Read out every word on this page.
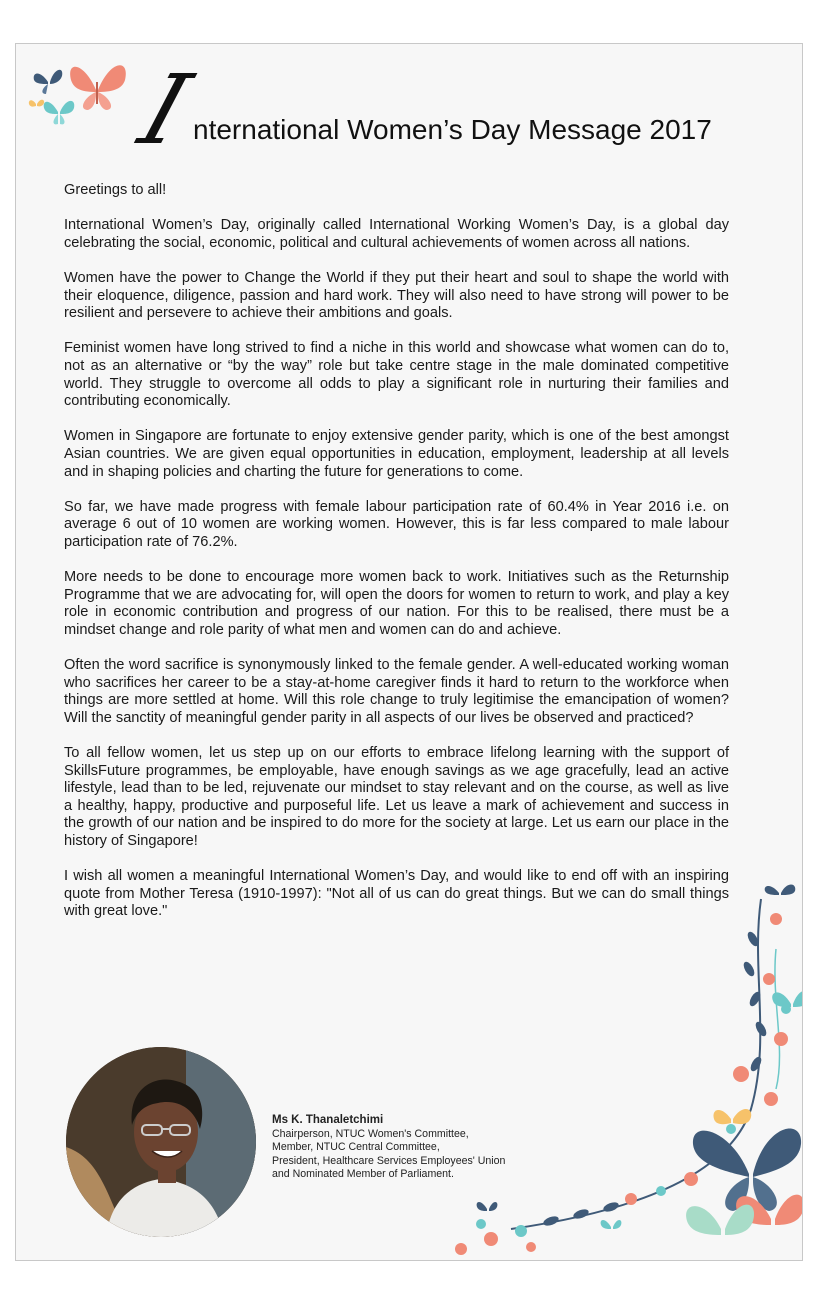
I
nternational Women’s Day Message 2017

Greetings to all!

International Women’s Day, originally called International Working Women’s Day, is a global day celebrating the social, economic, political and cultural achievements of women across all nations.

Women have the power to Change the World if they put their heart and soul to shape the world with their eloquence, diligence, passion and hard work. They will also need to have strong will power to be resilient and persevere to achieve their ambitions and goals.

Feminist women have long strived to find a niche in this world and showcase what women can do to, not as an alternative or “by the way” role but take centre stage in the male dominated competitive world. They struggle to overcome all odds to play a significant role in nurturing their families and contributing economically.

Women in Singapore are fortunate to enjoy extensive gender parity, which is one of the best amongst Asian countries. We are given equal opportunities in education, employment, leadership at all levels and in shaping policies and charting the future for generations to come.

So far, we have made progress with female labour participation rate of 60.4% in Year 2016 i.e. on average 6 out of 10 women are working women. However, this is far less compared to male labour participation rate of 76.2%.

More needs to be done to encourage more women back to work. Initiatives such as the Returnship Programme that we are advocating for, will open the doors for women to return to work, and play a key role in economic contribution and progress of our nation. For this to be realised, there must be a mindset change and role parity of what men and women can do and achieve.

Often the word sacrifice is synonymously linked to the female gender. A well-educated working woman who sacrifices her career to be a stay-at-home caregiver finds it hard to return to the workforce when things are more settled at home. Will this role change to truly legitimise the emancipation of women? Will the sanctity of meaningful gender parity in all aspects of our lives be observed and practiced?

To all fellow women, let us step up on our efforts to embrace lifelong learning with the support of SkillsFuture programmes, be employable, have enough savings as we age gracefully, lead an active lifestyle, lead than to be led, rejuvenate our mindset to stay relevant and on the course, as well as live a healthy, happy, productive and purposeful life. Let us leave a mark of achievement and success in the growth of our nation and be inspired to do more for the society at large. Let us earn our place in the history of Singapore!

I wish all women a meaningful International Women’s Day, and would like to end off with an inspiring quote from Mother Teresa (1910-1997): "Not all of us can do great things. But we can do small things with great love."

Ms K. Thanaletchimi
Chairperson, NTUC Women's Committee,
Member, NTUC Central Committee,
President, Healthcare Services Employees' Union
and Nominated Member of Parliament.
